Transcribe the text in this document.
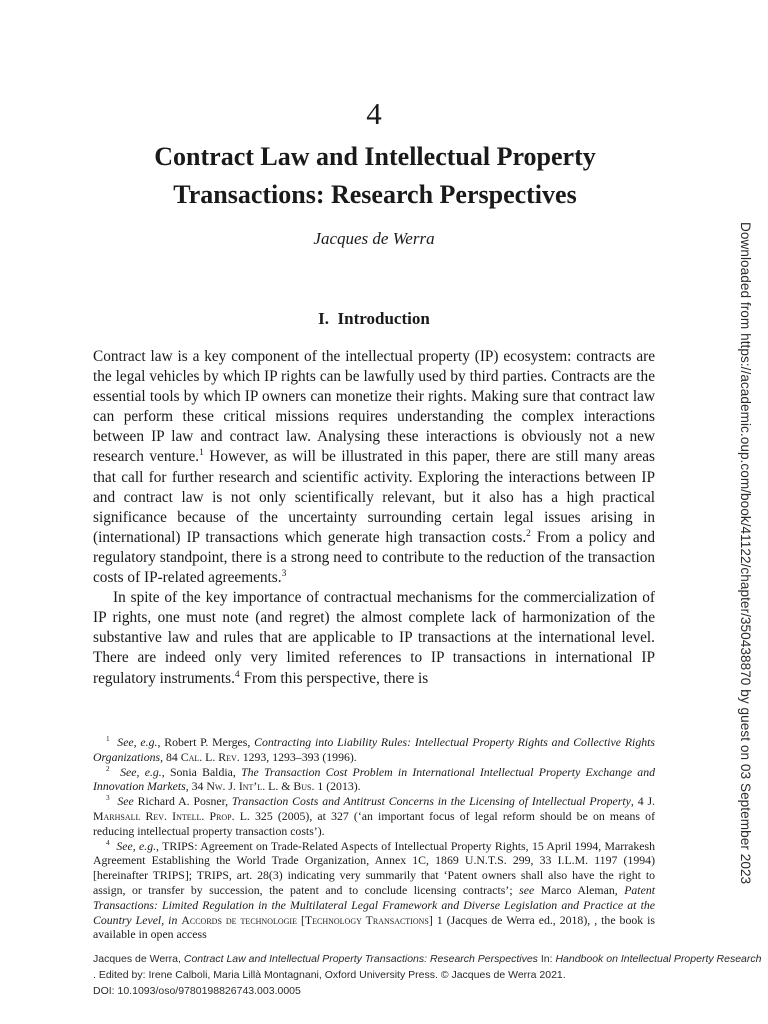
4
Contract Law and Intellectual Property
Transactions: Research Perspectives
Jacques de Werra
I. Introduction

Contract law is a key component of the intellectual property (IP) ecosystem: contracts are the legal vehicles by which IP rights can be lawfully used by third parties. Contracts are the essential tools by which IP owners can monetize their rights. Making sure that contract law can perform these critical missions requires understanding the complex interactions between IP law and contract law. Analysing these interactions is obviously not a new research venture.$^1$ However, as will be illustrated in this paper, there are still many areas that call for further research and scientific activity. Exploring the interactions between IP and contract law is not only scientifically relevant, but it also has a high practical significance because of the uncertainty surrounding certain legal issues arising in (international) IP transactions which generate high transaction costs.$^2$ From a policy and regulatory standpoint, there is a strong need to contribute to the reduction of the transaction costs of IP-related agreements.$^3$

In spite of the key importance of contractual mechanisms for the commercialization of IP rights, one must note (and regret) the almost complete lack of harmonization of the substantive law and rules that are applicable to IP transactions at the international level. There are indeed only very limited references to IP transactions in international IP regulatory instruments.$^4$ From this perspective, there is

$^1$ See, e.g., Robert P. Merges, Contracting into Liability Rules: Intellectual Property Rights and Collective Rights Organizations, 84 Cal. L. Rev. 1293, 1293–393 (1996).

$^2$ See, e.g., Sonia Baldia, The Transaction Cost Problem in International Intellectual Property Exchange and Innovation Markets, 34 Nw. J. Int’l. L. & Bus. 1 (2013).

$^3$ See Richard A. Posner, Transaction Costs and Antitrust Concerns in the Licensing of Intellectual Property, 4 J. Marhsall Rev. Intell. Prop. L. 325 (2005), at 327 (‘an important focus of legal reform should be on means of reducing intellectual property transaction costs’).

$^4$ See, e.g., TRIPS: Agreement on Trade-Related Aspects of Intellectual Property Rights, 15 April 1994, Marrakesh Agreement Establishing the World Trade Organization, Annex 1C, 1869 U.N.T.S. 299, 33 I.L.M. 1197 (1994) [hereinafter TRIPS]; TRIPS, art. 28(3) indicating very summarily that ‘Patent owners shall also have the right to assign, or transfer by succession, the patent and to conclude licensing contracts’; see Marco Aleman, Patent Transactions: Limited Regulation in the Multilateral Legal Framework and Diverse Legislation and Practice at the Country Level, in Accords de technologie [Technology Transactions] 1 (Jacques de Werra ed., 2018), , the book is available in open access

Jacques de Werra, Contract Law and Intellectual Property Transactions: Research Perspectives In: Handbook on Intellectual Property Research
. Edited by: Irene Calboli, Maria Lillà Montagnani, Oxford University Press. © Jacques de Werra 2021.
DOI: 10.1093/oso/9780198826743.003.0005
Downloaded from https://academic.oup.com/book/41122/chapter/350438870 by guest on 03 September 2023
